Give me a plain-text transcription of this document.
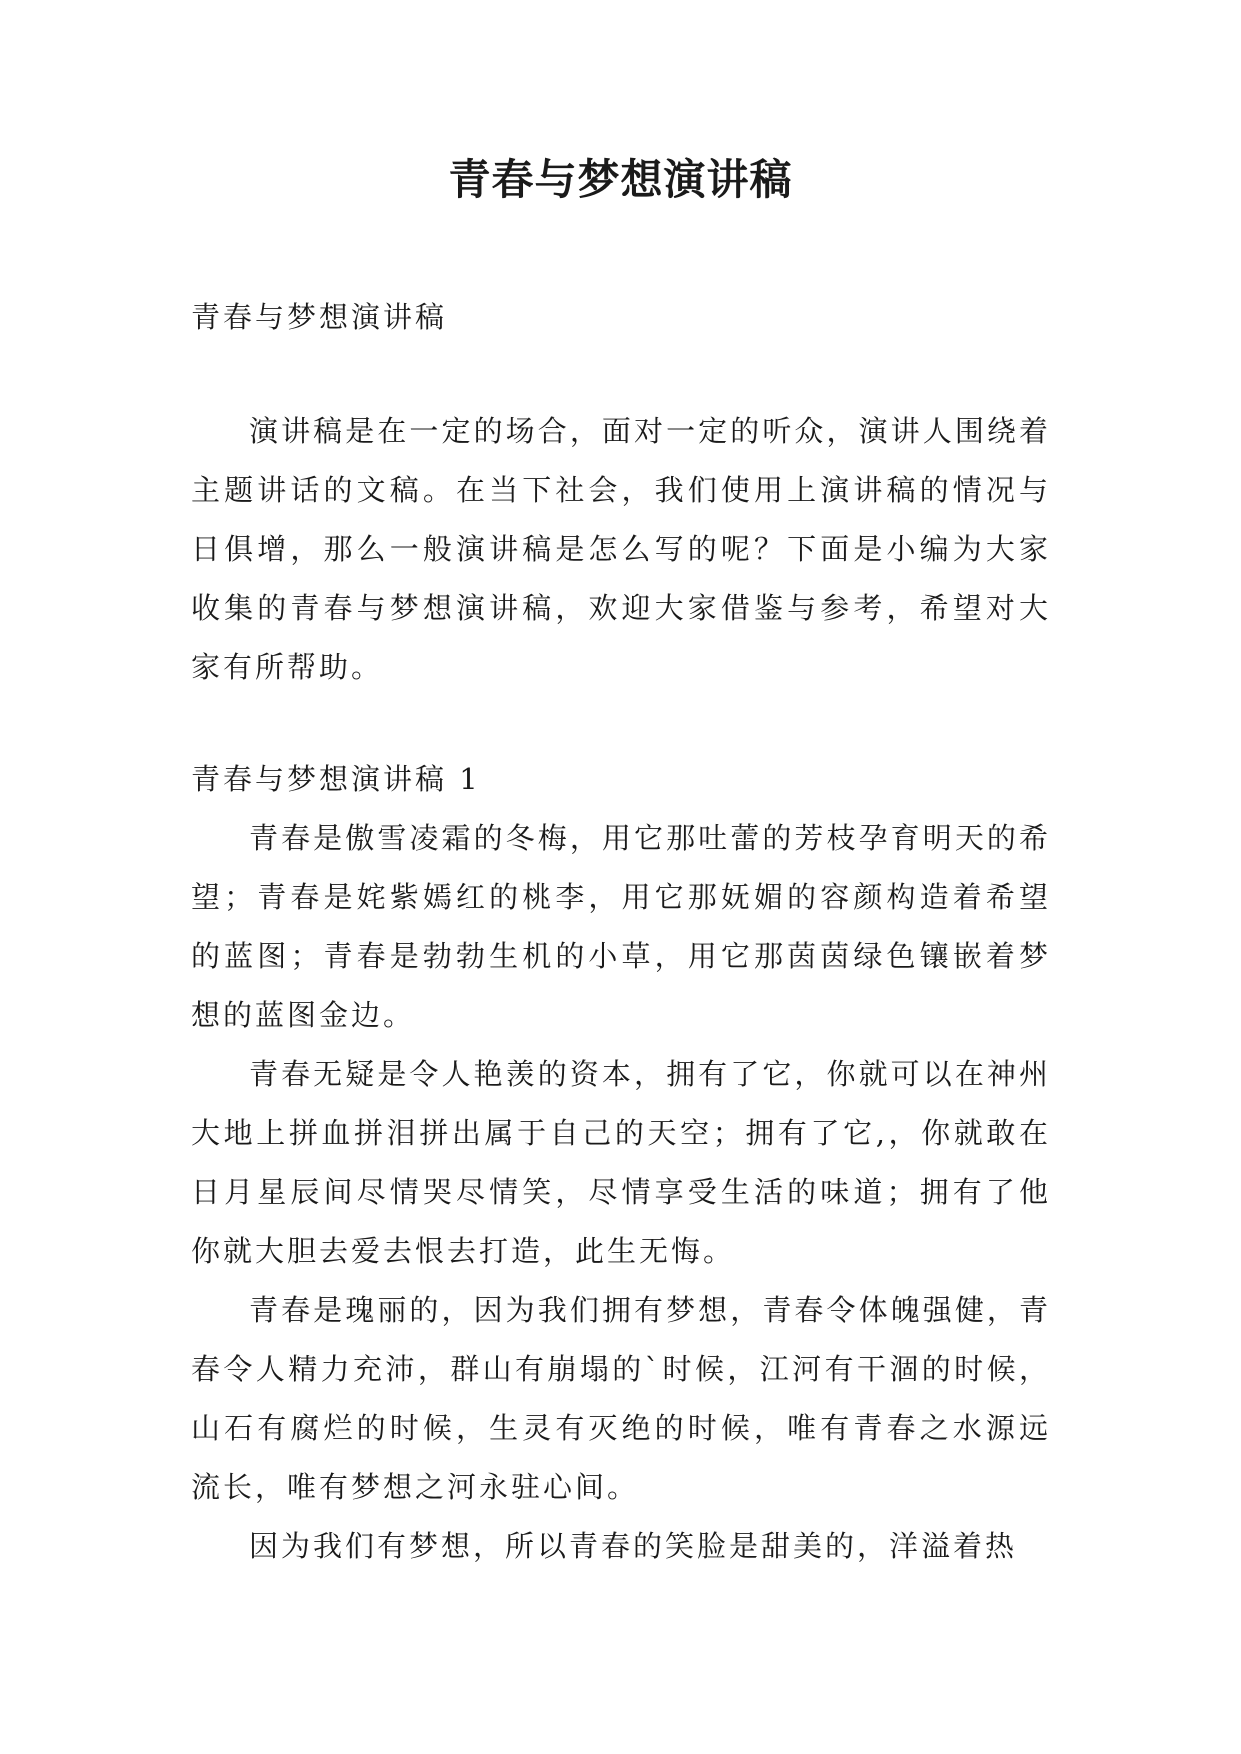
青春与梦想演讲稿

青春与梦想演讲稿

演讲稿是在一定的场合，面对一定的听众，演讲人围绕着主题讲话的文稿。在当下社会，我们使用上演讲稿的情况与日俱增，那么一般演讲稿是怎么写的呢？下面是小编为大家收集的青春与梦想演讲稿，欢迎大家借鉴与参考，希望对大家有所帮助。

青春与梦想演讲稿 1

青春是傲雪凌霜的冬梅，用它那吐蕾的芳枝孕育明天的希望；青春是姹紫嫣红的桃李，用它那妩媚的容颜构造着希望的蓝图；青春是勃勃生机的小草，用它那茵茵绿色镶嵌着梦想的蓝图金边。

青春无疑是令人艳羡的资本，拥有了它，你就可以在神州大地上拼血拼泪拼出属于自己的天空；拥有了它,，你就敢在日月星辰间尽情哭尽情笑，尽情享受生活的味道；拥有了他你就大胆去爱去恨去打造，此生无悔。

青春是瑰丽的，因为我们拥有梦想，青春令体魄强健，青春令人精力充沛，群山有崩塌的`时候，江河有干涸的时候，山石有腐烂的时候，生灵有灭绝的时候，唯有青春之水源远流长，唯有梦想之河永驻心间。

因为我们有梦想，所以青春的笑脸是甜美的，洋溢着热
